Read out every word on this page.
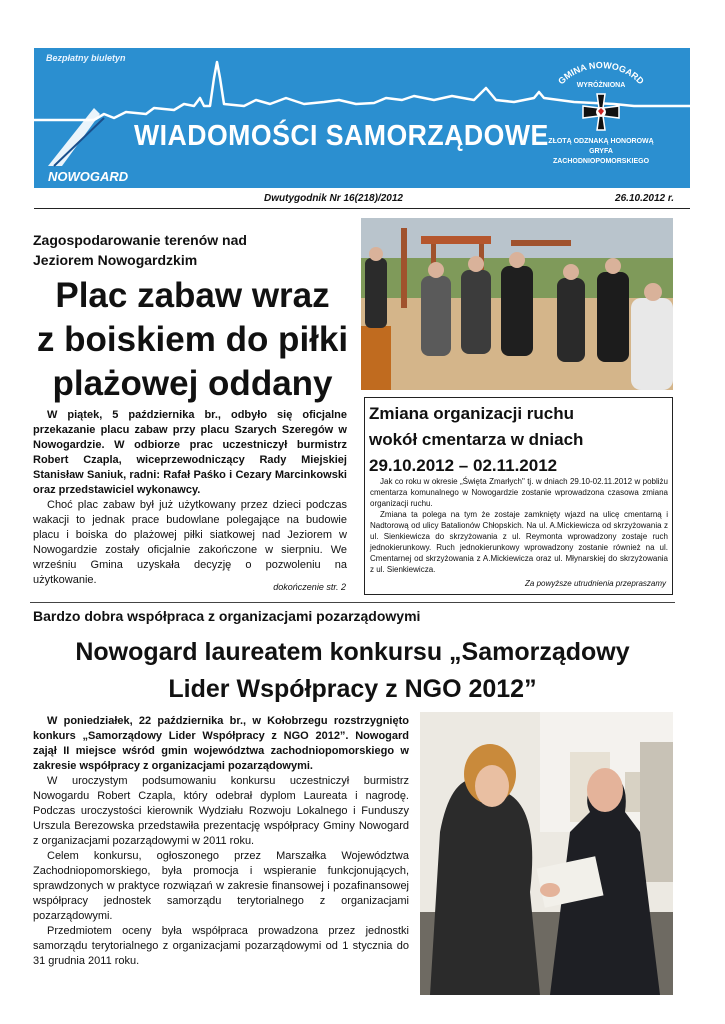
Bezpłatny biuletyn
WIADOMOŚCI SAMORZĄDOWE
NOWOGARD
GMINA NOWOGARD
WYRÓŻNIONA
ZŁOTĄ ODZNAKĄ HONOROWĄ
GRYFA
ZACHODNIOPOMORSKIEGO
Dwutygodnik Nr 16(218)/2012	26.10.2012 r.
Zagospodarowanie terenów nad
Jeziorem Nowogardzkim
Plac zabaw wraz
z boiskiem do piłki
plażowej oddany

W piątek, 5 października br., odbyło się oficjalne przekazanie placu zabaw przy placu Szarych Szeregów w Nowogardzie. W odbiorze prac uczestniczył burmistrz Robert Czapla, wiceprzewodniczący Rady Miejskiej Stanisław Saniuk, radni: Rafał Paśko i Cezary Marcinkowski oraz przedstawiciel wykonawcy.

Choć plac zabaw był już użytkowany przez dzieci podczas wakacji to jednak prace budowlane polegające na budowie placu i boiska do plażowej piłki siatkowej nad Jeziorem w Nowogardzie zostały oficjalnie zakończone w sierpniu. We wrześniu Gmina uzyskała decyzję o pozwoleniu na użytkowanie.

dokończenie str. 2
Zmiana organizacji ruchu
wokół cmentarza w dniach
29.10.2012 – 02.11.2012

Jak co roku w okresie „Święta Zmarłych" tj. w dniach 29.10-02.11.2012 w pobliżu cmentarza komunalnego w Nowogardzie zostanie wprowadzona czasowa zmiana organizacji ruchu.

Zmiana ta polega na tym że zostaje zamknięty wjazd na ulicę cmentarną i Nadtorową od ulicy Batalionów Chłopskich. Na ul. A.Mickiewicza od skrzyżowania z ul. Sienkiewicza do skrzyżowania z ul. Reymonta wprowadzony zostaje ruch jednokierunkowy. Ruch jednokierunkowy wprowadzony zostanie również na ul. Cmentarnej od skrzyżowania z A.Mickiewicza oraz ul. Młynarskiej do skrzyżowania z ul. Sienkiewicza.

Za powyższe utrudnienia przepraszamy
Bardzo dobra współpraca z organizacjami pozarządowymi
Nowogard laureatem konkursu „Samorządowy
Lider Współpracy z NGO 2012”

W poniedziałek, 22 października br., w Kołobrzegu rozstrzygnięto konkurs „Samorządowy Lider Współpracy z NGO 2012”. Nowogard zajął II miejsce wśród gmin województwa zachodniopomorskiego w zakresie współpracy z organizacjami pozarządowymi.

W uroczystym podsumowaniu konkursu uczestniczył burmistrz Nowogardu Robert Czapla, który odebrał dyplom Laureata i nagrodę. Podczas uroczystości kierownik Wydziału Rozwoju Lokalnego i Funduszy Urszula Berezowska przedstawiła prezentację współpracy Gminy Nowogard z organizacjami pozarządowymi w 2011 roku.

Celem konkursu, ogłoszonego przez Marszałka Województwa Zachodniopomorskiego, była promocja i wspieranie funkcjonujących, sprawdzonych w praktyce rozwiązań w zakresie finansowej i pozafinansowej współpracy jednostek samorządu terytorialnego z organizacjami pozarządowymi.

Przedmiotem oceny była współpraca prowadzona przez jednostki samorządu terytorialnego z organizacjami pozarządowymi od 1 stycznia do 31 grudnia 2011 roku.
